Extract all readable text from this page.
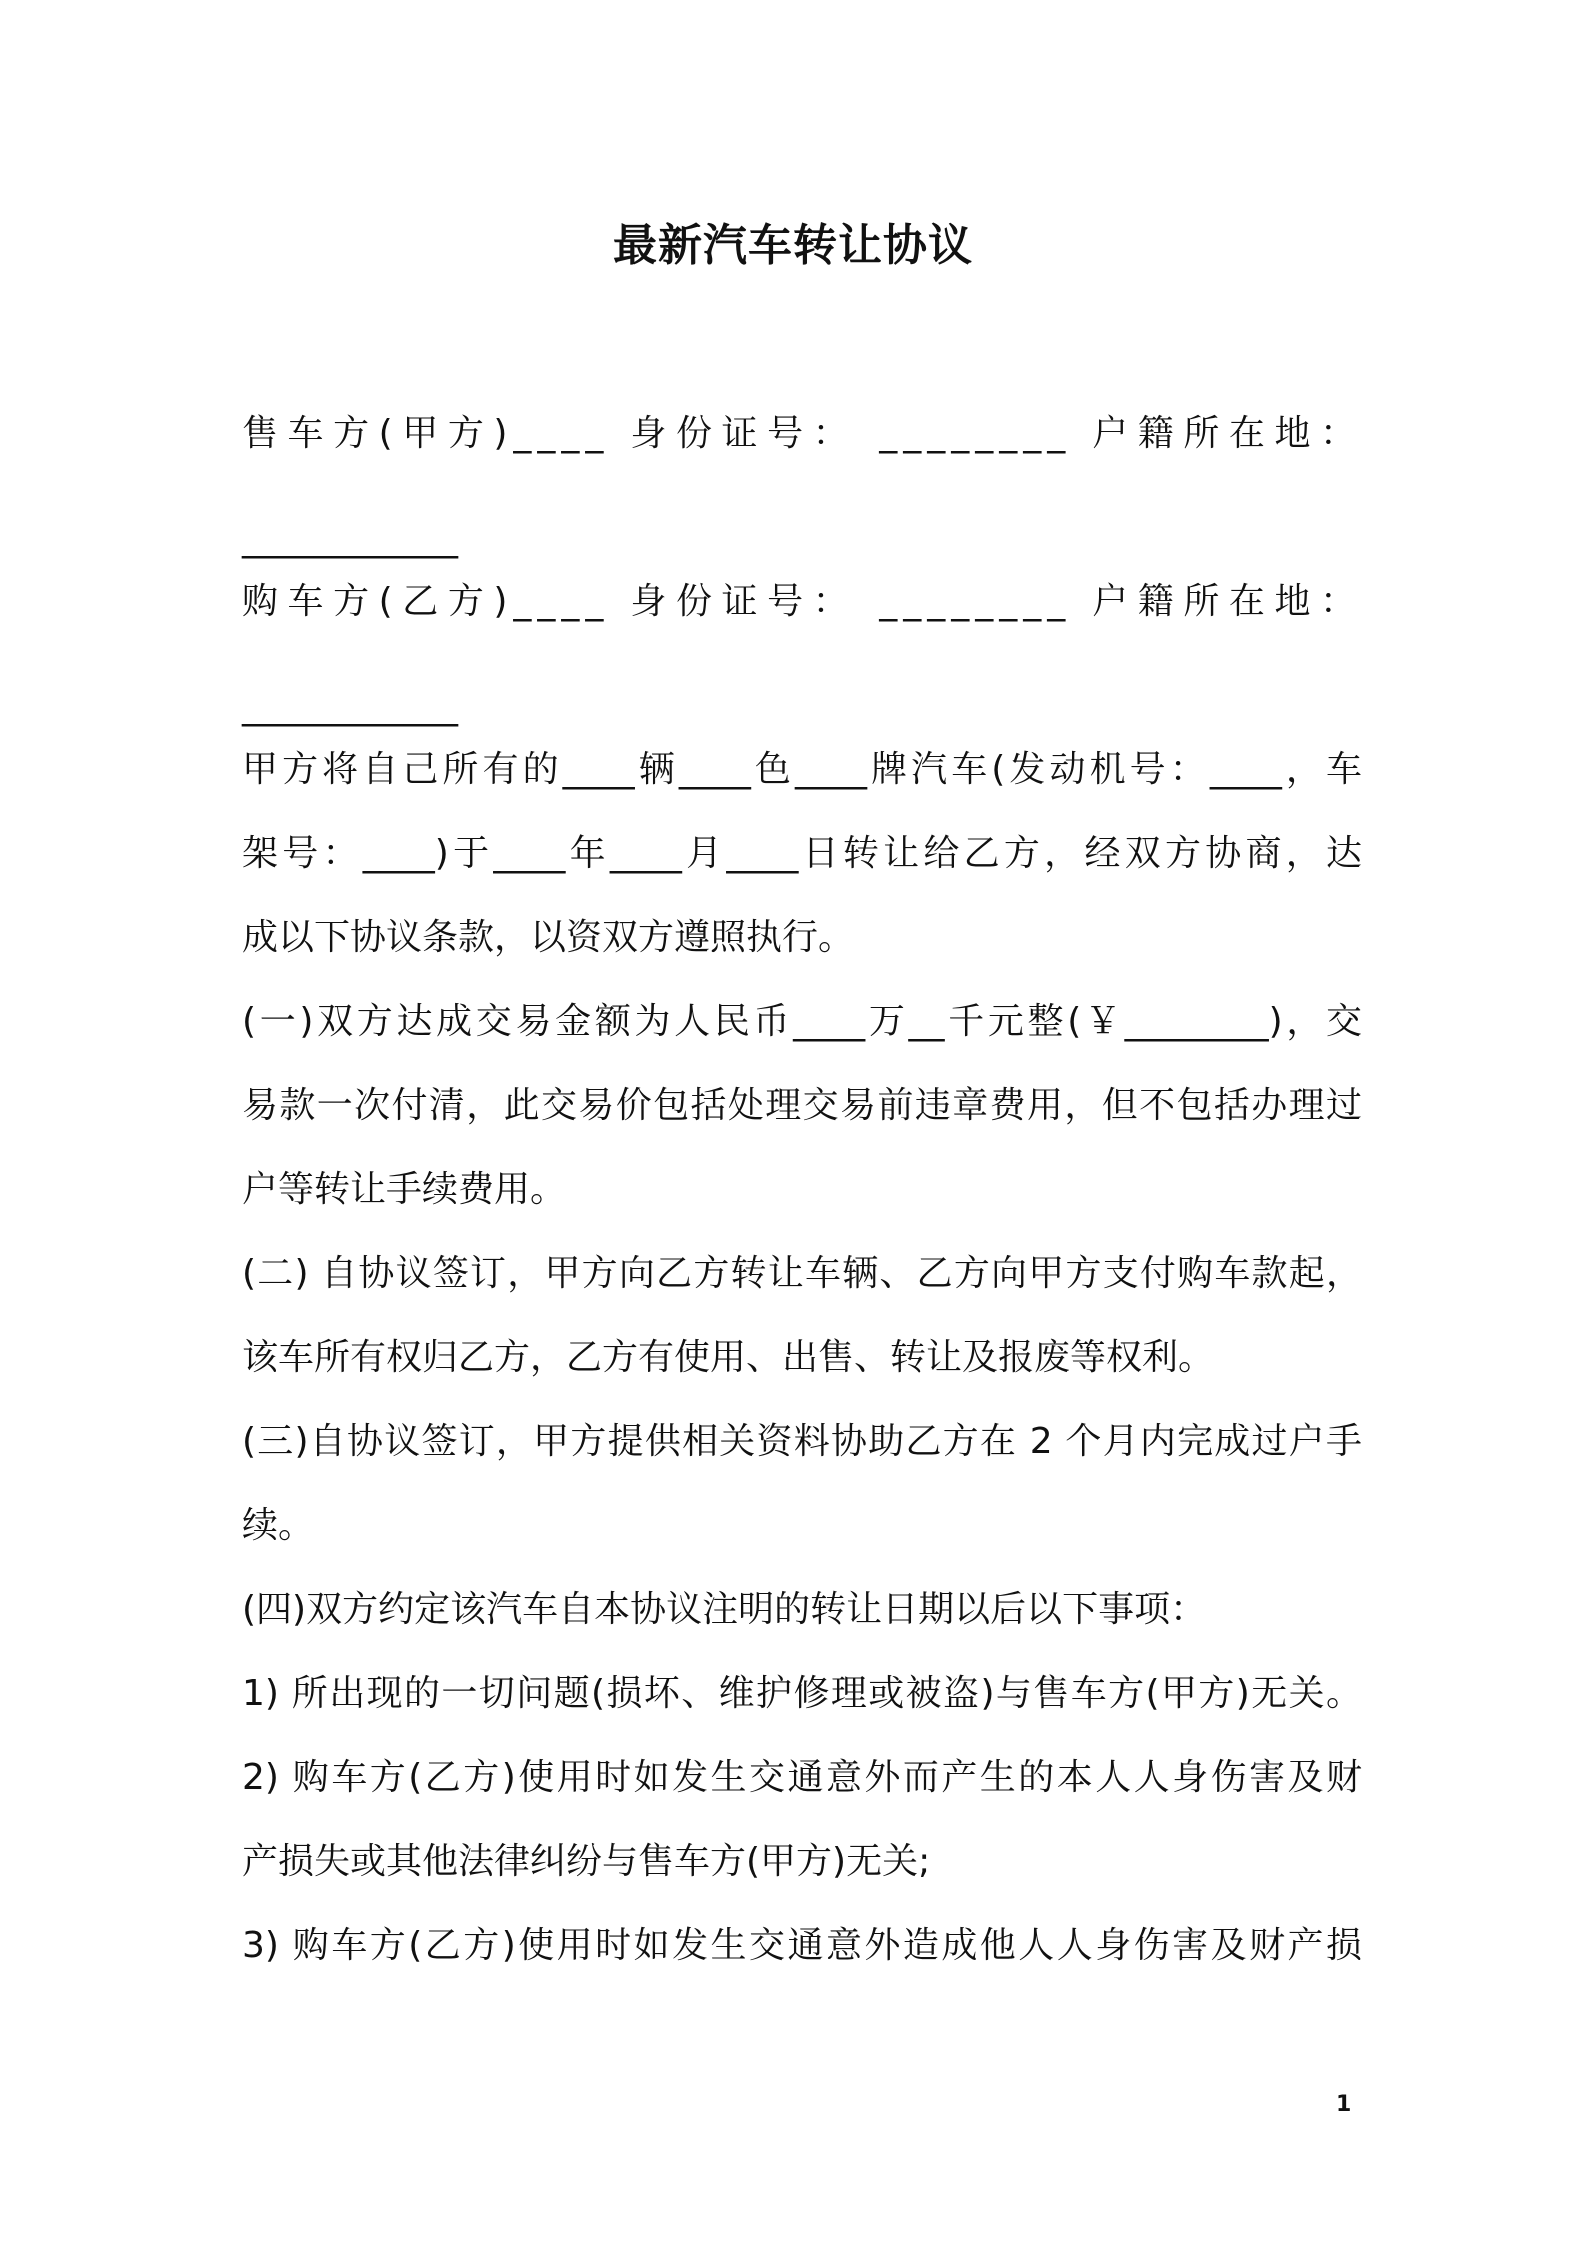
最新汽车转让协议
售车方(甲方)____ 身份证号： ________ 户籍所在地：
____________
购车方(乙方)____ 身份证号： ________ 户籍所在地：
____________
甲方将自己所有的____辆____色____牌汽车(发动机号：____，车
架号：____)于____年____月____日转让给乙方，经双方协商，达
成以下协议条款，以资双方遵照执行。
(一)双方达成交易金额为人民币____万__千元整(￥________)，交
易款一次付清，此交易价包括处理交易前违章费用，但不包括办理过
户等转让手续费用。
(二) 自协议签订，甲方向乙方转让车辆、乙方向甲方支付购车款起，
该车所有权归乙方，乙方有使用、出售、转让及报废等权利。
(三)自协议签订，甲方提供相关资料协助乙方在 2 个月内完成过户手
续。
(四)双方约定该汽车自本协议注明的转让日期以后以下事项：
1) 所出现的一切问题(损坏、维护修理或被盗)与售车方(甲方)无关。
2) 购车方(乙方)使用时如发生交通意外而产生的本人人身伤害及财
产损失或其他法律纠纷与售车方(甲方)无关;
3) 购车方(乙方)使用时如发生交通意外造成他人人身伤害及财产损
1
